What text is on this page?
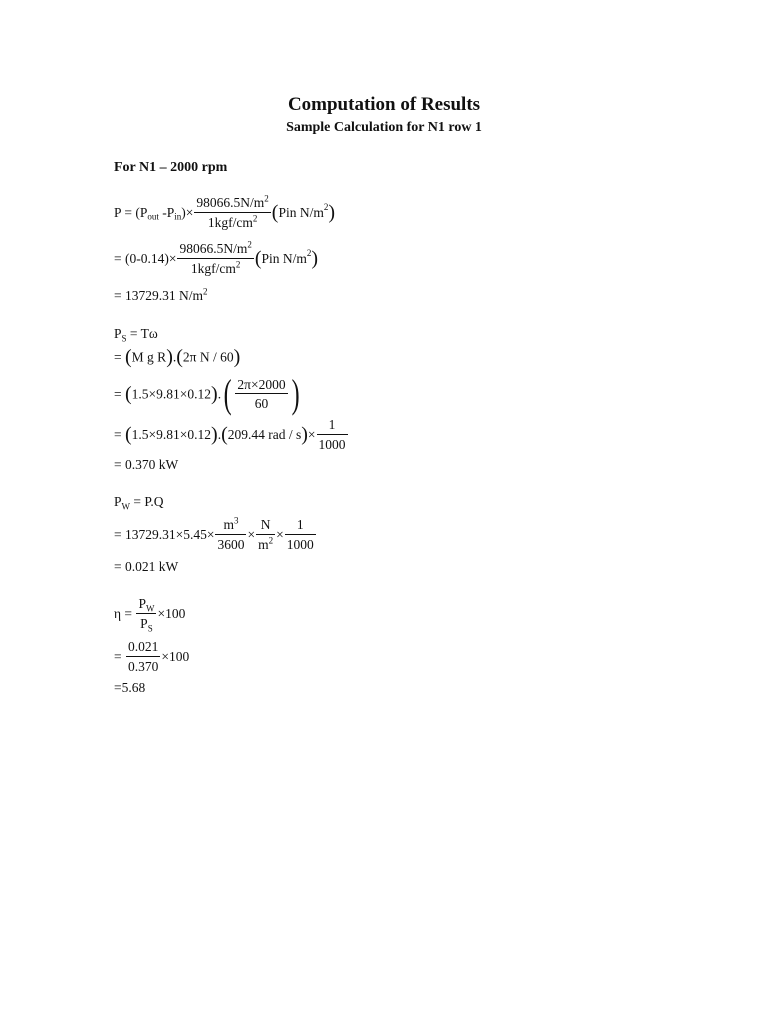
Computation of Results
Sample Calculation for N1 row 1
For N1 – 2000 rpm
$P = (P_{out}$ $-P_{in})\times \frac{98066.5N/m^2}{1kgf/cm^2} (Pin$ $N/m^2$)
= $(0-0.14)\times \frac{98066.5N/m^2}{1kgf/cm^2} (Pin$ $N/m^2$)
= 13729.31 $N/m^2$
$P_S = T\omega$
= (M g R).(2π N / 60)
= $(1.5\times 9.81\times 0.12).( \frac{2\pi\times 2000}{60}$ )
= (1.5×9.81×0.12).(209.44 rad / $s)\times \frac{1}{1000}$
= 0.370 kW
$P_W = P.Q$
= $13729.31\times 5.45\times \frac{m^3}{3600} \times \frac{N}{m^2} \times \frac{1}{1000}$
= 0.021 kW
$\eta = \frac{P_W}{P_S} \times 100$
= $\frac{0.021}{0.370} \times 100$
=5.68
